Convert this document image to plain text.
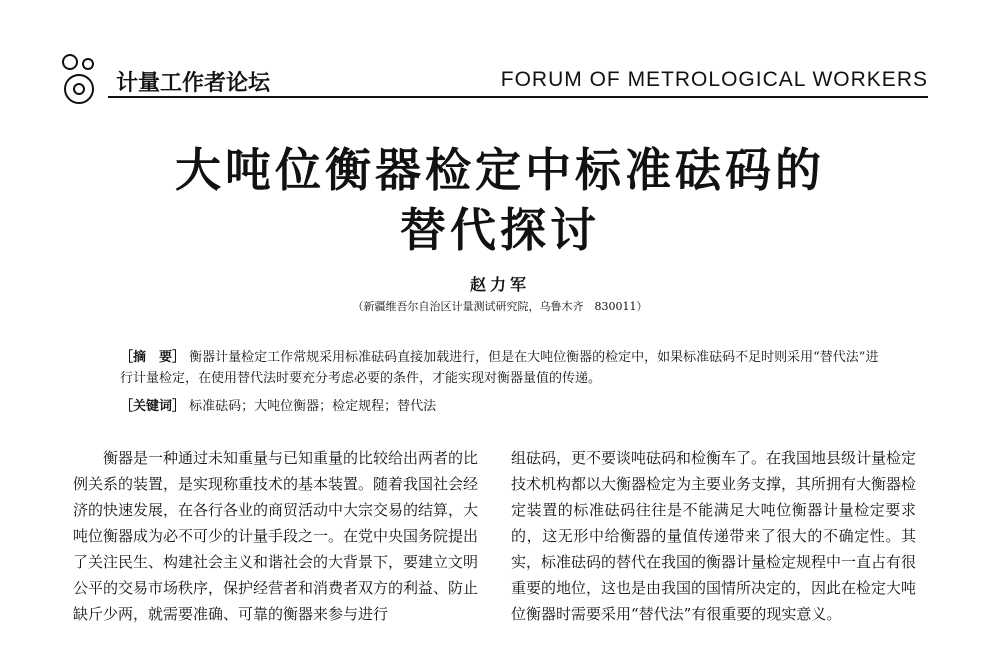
计量工作者论坛	FORUM OF METROLOGICAL WORKERS
大吨位衡器检定中标准砝码的
替代探讨
赵力军
（新疆维吾尔自治区计量测试研究院，乌鲁木齐　830011）
［摘　要］ 衡器计量检定工作常规采用标准砝码直接加载进行，但是在大吨位衡器的检定中，如果标准砝码不足时则采用“替代法”进行计量检定，在使用替代法时要充分考虑必要的条件，才能实现对衡器量值的传递。
［关键词］ 标准砝码；大吨位衡器；检定规程；替代法
衡器是一种通过未知重量与已知重量的比较给出两者的比例关系的装置，是实现称重技术的基本装置。随着我国社会经济的快速发展，在各行各业的商贸活动中大宗交易的结算，大吨位衡器成为必不可少的计量手段之一。在党中央国务院提出了关注民生、构建社会主义和谐社会的大背景下，要建立文明公平的交易市场秩序，保护经营者和消费者双方的利益、防止缺斤少两，就需要准确、可靠的衡器来参与进行
组砝码，更不要谈吨砝码和检衡车了。在我国地县级计量检定技术机构都以大衡器检定为主要业务支撑，其所拥有大衡器检定装置的标准砝码往往是不能满足大吨位衡器计量检定要求的，这无形中给衡器的量值传递带来了很大的不确定性。其实，标准砝码的替代在我国的衡器计量检定规程中一直占有很重要的地位，这也是由我国的国情所决定的，因此在检定大吨位衡器时需要采用“替代法”有很重要的现实意义。
